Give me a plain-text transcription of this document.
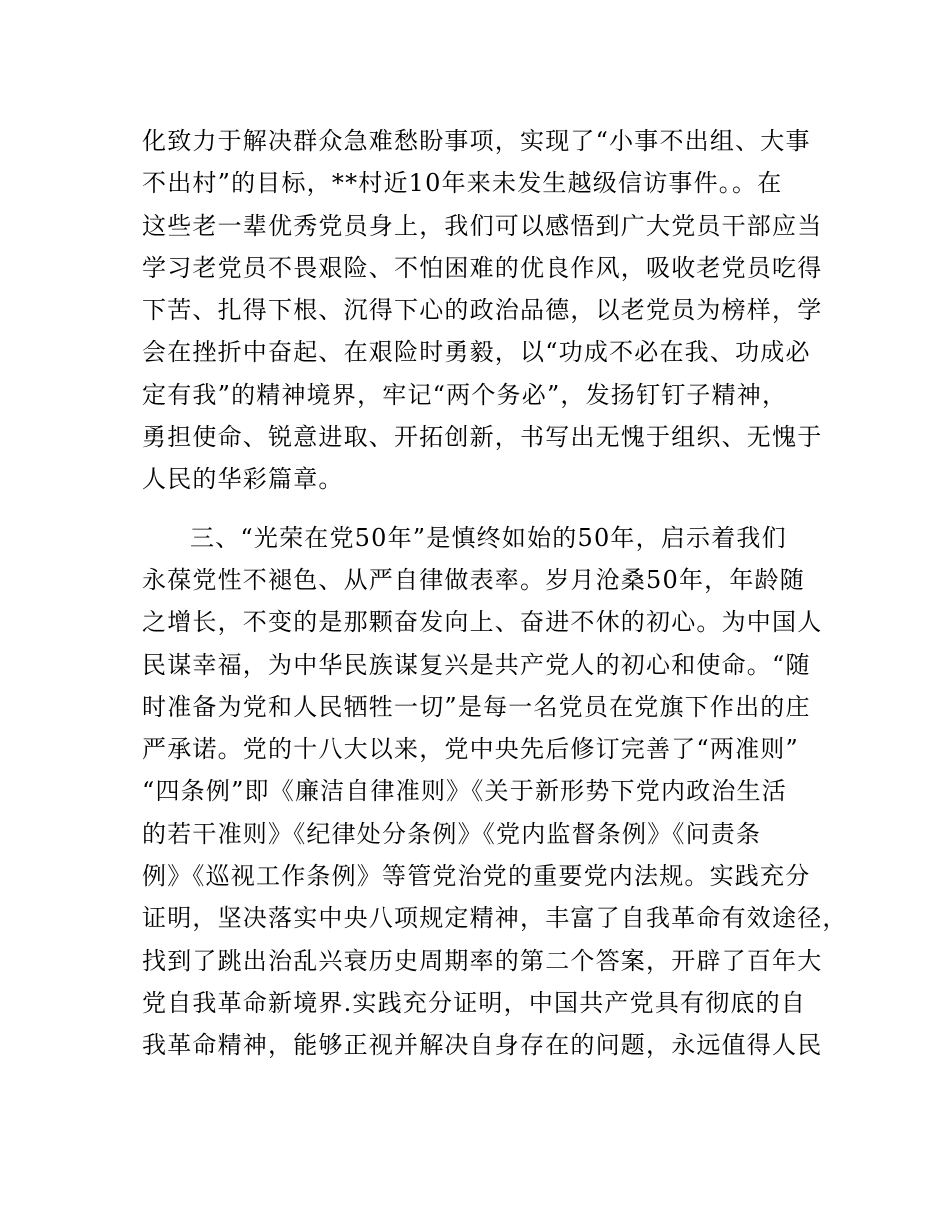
化致力于解决群众急难愁盼事项，实现了“小事不出组、大事
不出村”的目标，**村近10年来未发生越级信访事件。。在
这些老一辈优秀党员身上，我们可以感悟到广大党员干部应当
学习老党员不畏艰险、不怕困难的优良作风，吸收老党员吃得
下苦、扎得下根、沉得下心的政治品德，以老党员为榜样，学
会在挫折中奋起、在艰险时勇毅，以“功成不必在我、功成必
定有我”的精神境界，牢记“两个务必”，发扬钉钉子精神，
勇担使命、锐意进取、开拓创新，书写出无愧于组织、无愧于
人民的华彩篇章。
三、“光荣在党50年”是慎终如始的50年，启示着我们
永葆党性不褪色、从严自律做表率。岁月沧桑50年，年龄随
之增长，不变的是那颗奋发向上、奋进不休的初心。为中国人
民谋幸福，为中华民族谋复兴是共产党人的初心和使命。“随
时准备为党和人民牺牲一切”是每一名党员在党旗下作出的庄
严承诺。党的十八大以来，党中央先后修订完善了“两准则”
“四条例”即《廉洁自律准则》《关于新形势下党内政治生活
的若干准则》《纪律处分条例》《党内监督条例》《问责条
例》《巡视工作条例》等管党治党的重要党内法规。实践充分
证明，坚决落实中央八项规定精神，丰富了自我革命有效途径，
找到了跳出治乱兴衰历史周期率的第二个答案，开辟了百年大
党自我革命新境界.实践充分证明，中国共产党具有彻底的自
我革命精神，能够正视并解决自身存在的问题，永远值得人民
